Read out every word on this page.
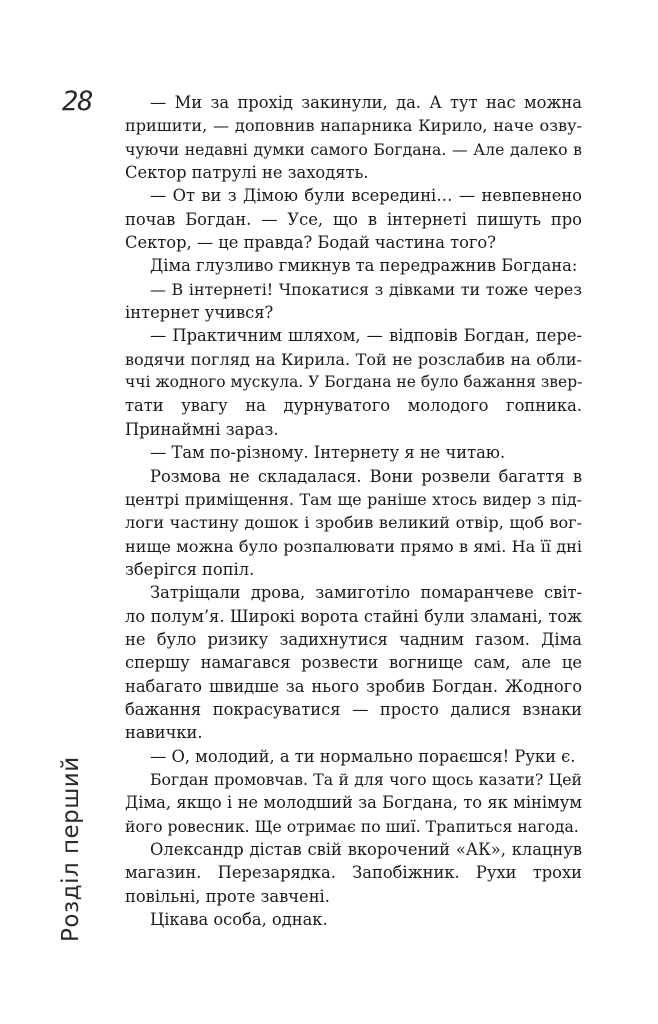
28
Розділ перший
— Ми за прохід закинули, да. А тут нас можна
пришити, — доповнив напарника Кирило, наче озву-
чуючи недавні думки самого Богдана. — Але далеко в
Сектор патрулі не заходять.
— От ви з Дімою були всередині… — невпевнено
почав Богдан. — Усе, що в інтернеті пишуть про
Сектор, — це правда? Бодай частина того?
Діма глузливо гмикнув та передражнив Богдана:
— В інтернеті! Чпокатися з дівками ти тоже через
інтернет учився?
— Практичним шляхом, — відповів Богдан, пере-
водячи погляд на Кирила. Той не розслабив на обли-
ччі жодного мускула. У Богдана не було бажання звер-
тати увагу на дурнуватого молодого гопника.
Принаймні зараз.
— Там по-різному. Інтернету я не читаю.
Розмова не складалася. Вони розвели багаття в
центрі приміщення. Там ще раніше хтось видер з під-
логи частину дошок і зробив великий отвір, щоб вог-
нище можна було розпалювати прямо в ямі. На її дні
зберігся попіл.
Затріщали дрова, замиготіло помаранчеве світ-
ло полум’я. Широкі ворота стайні були зламані, тож
не було ризику задихнутися чадним газом. Діма
спершу намагався розвести вогнище сам, але це
набагато швидше за нього зробив Богдан. Жодного
бажання покрасуватися — просто далися взнаки
навички.
— О, молодий, а ти нормально пораєшся! Руки є.
Богдан промовчав. Та й для чого щось казати? Цей
Діма, якщо і не молодший за Богдана, то як мінімум
його ровесник. Ще отримає по шиї. Трапиться нагода.
Олександр дістав свій вкорочений «АК», клацнув
магазин. Перезарядка. Запобіжник. Рухи трохи
повільні, проте завчені.
Цікава особа, однак.
